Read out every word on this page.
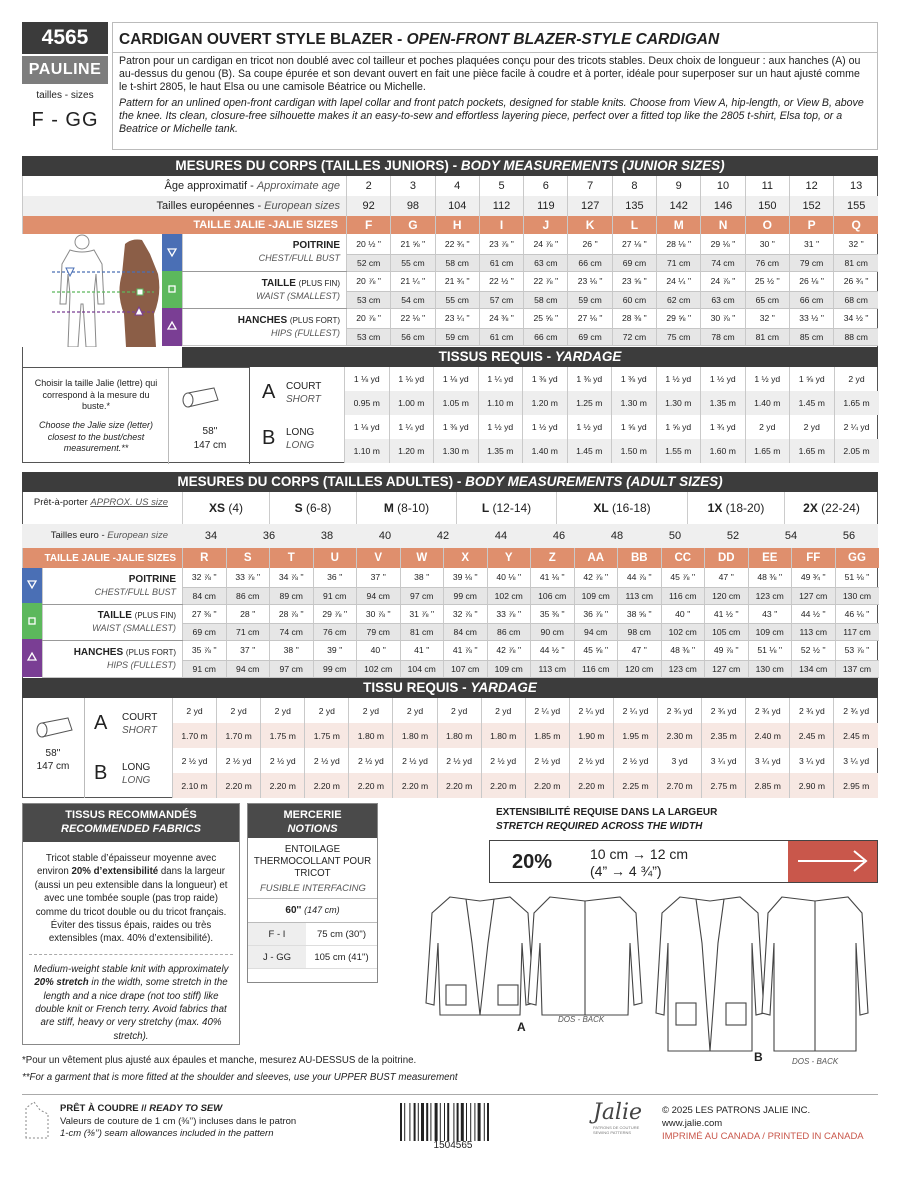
4565
PAULINE
tailles - sizes
F - GG
CARDIGAN OUVERT STYLE BLAZER - OPEN-FRONT BLAZER-STYLE CARDIGAN
Patron pour un cardigan en tricot non doublé avec col tailleur et poches plaquées conçu pour des tricots stables. Deux choix de longueur : aux hanches (A) ou au-dessus du genou (B). Sa coupe épurée et son devant ouvert en fait une pièce facile à coudre et à porter, idéale pour superposer sur un haut ajusté comme le t-shirt 2805, le haut Elsa ou une camisole Béatrice ou Michelle.
Pattern for an unlined open-front cardigan with lapel collar and front patch pockets, designed for stable knits. Choose from View A, hip-length, or View B, above the knee. Its clean, closure-free silhouette makes it an easy-to-sew and effortless layering piece, perfect over a fitted top like the 2805 t-shirt, Elsa top, or a Beatrice or Michelle tank.
MESURES DU CORPS (TAILLES JUNIORS) - BODY MEASUREMENTS (JUNIOR SIZES)
Âge approximatif - Approximate age	2	3	4	5	6	7	8	9	10	11	12	13
Tailles européennes - European sizes	92	98	104	112	119	127	135	142	146	150	152	155
TAILLE JALIE -JALIE SIZES	F	G	H	I	J	K	L	M	N	O	P	Q
POITRINE
CHEST/FULL BUST	20 ½ ''	21 ⅝ ''	22 ¾ ''	23 ⅞ ''	24 ⅞ ''	26 ''	27 ⅛ ''	28 ⅛ ''	29 ⅛ ''	30 ''	31 ''	32 ''
	52 cm	55 cm	58 cm	61 cm	63 cm	66 cm	69 cm	71 cm	74 cm	76 cm	79 cm	81 cm
TAILLE (PLUS FIN)
WAIST (SMALLEST)	20 ⅞ ''	21 ¼ ''	21 ¾ ''	22 ½ ''	22 ⅞ ''	23 ⅛ ''	23 ⅝ ''	24 ¼ ''	24 ⅞ ''	25 ½ ''	26 ⅛ ''	26 ¾ ''
	53 cm	54 cm	55 cm	57 cm	58 cm	59 cm	60 cm	62 cm	63 cm	65 cm	66 cm	68 cm
HANCHES (PLUS FORT)
HIPS (FULLEST)	20 ⅞ ''	22 ⅛ ''	23 ¼ ''	24 ⅜ ''	25 ⅝ ''	27 ⅛ ''	28 ⅜ ''	29 ⅝ ''	30 ⅞ ''	32 ''	33 ½ ''	34 ½ ''
	53 cm	56 cm	59 cm	61 cm	66 cm	69 cm	72 cm	75 cm	78 cm	81 cm	85 cm	88 cm
TISSUS REQUIS - YARDAGE
Choisir la taille Jalie (lettre) qui correspond à la mesure du buste.*
Choose the Jalie size (letter) closest to the bust/chest measurement.**
58''
147 cm
A COURT
SHORT
B LONG
LONG
1 ⅛ yd	1 ⅛ yd	1 ⅛ yd	1 ¼ yd	1 ⅜ yd	1 ⅜ yd	1 ⅜ yd	1 ½ yd	1 ½ yd	1 ½ yd	1 ⅝ yd	2 yd
0.95 m	1.00 m	1.05 m	1.10 m	1.20 m	1.25 m	1.30 m	1.30 m	1.35 m	1.40 m	1.45 m	1.65 m
1 ⅛ yd	1 ¼ yd	1 ⅜ yd	1 ½ yd	1 ½ yd	1 ½ yd	1 ⅝ yd	1 ⅝ yd	1 ¾ yd	2 yd	2 yd	2 ¼ yd
1.10 m	1.20 m	1.30 m	1.35 m	1.40 m	1.45 m	1.50 m	1.55 m	1.60 m	1.65 m	1.65 m	2.05 m
MESURES DU CORPS (TAILLES ADULTES) - BODY MEASUREMENTS (ADULT SIZES)
Prêt-à-porter APPROX. US size	XS (4)	S (6-8)	M (8-10)	L (12-14)	XL (16-18)	1X (18-20)	2X (22-24)
Tailles euro - European size	34	36	38	40	42	44	46	48	50	52	54	56
TAILLE JALIE -JALIE SIZES	R	S	T	U	V	W	X	Y	Z	AA	BB	CC	DD	EE	FF	GG
POITRINE
CHEST/FULL BUST	32 ⅞ ''	33 ⅞ ''	34 ⅞ ''	36 ''	37 ''	38 ''	39 ⅛ ''	40 ⅛ ''	41 ⅛ ''	42 ⅞ ''	44 ⅞ ''	45 ⅞ ''	47 ''	48 ⅜ ''	49 ¾ ''	51 ⅛ ''
	84 cm	86 cm	89 cm	91 cm	94 cm	97 cm	99 cm	102 cm	106 cm	109 cm	113 cm	116 cm	120 cm	123 cm	127 cm	130 cm
TAILLE (PLUS FIN)
WAIST (SMALLEST)	27 ⅜ ''	28 ''	28 ⅞ ''	29 ⅞ ''	30 ⅞ ''	31 ⅞ ''	32 ⅞ ''	33 ⅞ ''	35 ⅜ ''	36 ⅞ ''	38 ⅝ ''	40 ''	41 ½ ''	43 ''	44 ½ ''	46 ⅛ ''
	69 cm	71 cm	74 cm	76 cm	79 cm	81 cm	84 cm	86 cm	90 cm	94 cm	98 cm	102 cm	105 cm	109 cm	113 cm	117 cm
HANCHES (PLUS FORT)
HIPS (FULLEST)	35 ⅞ ''	37 ''	38 ''	39 ''	40 ''	41 ''	41 ⅞ ''	42 ⅞ ''	44 ½ ''	45 ⅝ ''	47 ''	48 ⅜ ''	49 ⅞ ''	51 ⅛ ''	52 ½ ''	53 ⅞ ''
	91 cm	94 cm	97 cm	99 cm	102 cm	104 cm	107 cm	109 cm	113 cm	116 cm	120 cm	123 cm	127 cm	130 cm	134 cm	137 cm
TISSU REQUIS - YARDAGE
58''
147 cm
A COURT
SHORT
B LONG
LONG
2 yd	2 yd	2 yd	2 yd	2 yd	2 yd	2 yd	2 yd	2 ¼ yd	2 ¼ yd	2 ¼ yd	2 ¾ yd	2 ¾ yd	2 ¾ yd	2 ¾ yd	2 ¾ yd
1.70 m	1.70 m	1.75 m	1.75 m	1.80 m	1.80 m	1.80 m	1.80 m	1.85 m	1.90 m	1.95 m	2.30 m	2.35 m	2.40 m	2.45 m	2.45 m
2 ½ yd	2 ½ yd	2 ½ yd	2 ½ yd	2 ½ yd	2 ½ yd	2 ½ yd	2 ½ yd	2 ½ yd	2 ½ yd	2 ½ yd	3 yd	3 ¼ yd	3 ¼ yd	3 ¼ yd	3 ¼ yd
2.10 m	2.20 m	2.20 m	2.20 m	2.20 m	2.20 m	2.20 m	2.20 m	2.20 m	2.20 m	2.25 m	2.70 m	2.75 m	2.85 m	2.90 m	2.95 m
TISSUS RECOMMANDÉS
RECOMMENDED FABRICS
Tricot stable d’épaisseur moyenne avec environ 20% d’extensibilité dans la largeur (aussi un peu extensible dans la longueur) et avec une tombée souple (pas trop raide) comme du tricot double ou du tricot français. Éviter des tissus épais, raides ou très extensibles (max. 40% d’extensibilité).
Medium-weight stable knit with approximately 20% stretch in the width, some stretch in the length and a nice drape (not too stiff) like double knit or French terry. Avoid fabrics that are stiff, heavy or very stretchy (max. 40% stretch).
MERCERIE
NOTIONS
ENTOILAGE THERMOCOLLANT POUR TRICOT
FUSIBLE INTERFACING
60'' (147 cm)
F - I	75 cm (30'')
J - GG	105 cm (41'')
EXTENSIBILITÉ REQUISE DANS LA LARGEUR
STRETCH REQUIRED ACROSS THE WIDTH
20%	10 cm → 12 cm
(4” → 4 ¾”)
A
DOS - BACK
B	DOS - BACK
*Pour un vêtement plus ajusté aux épaules et manche, mesurez AU-DESSUS de la poitrine.
**For a garment that is more fitted at the shoulder and sleeves, use your UPPER BUST measurement
PRÊT À COUDRE // READY TO SEW
Valeurs de couture de 1 cm (⅜’’) incluses dans le patron
1-cm (⅜’’) seam allowances included in the pattern
1504565
Jalie
PATRONS DE COUTURE SEWING PATTERNS
© 2025 LES PATRONS JALIE INC.
www.jalie.com
IMPRIMÉ AU CANADA / PRINTED IN CANADA
